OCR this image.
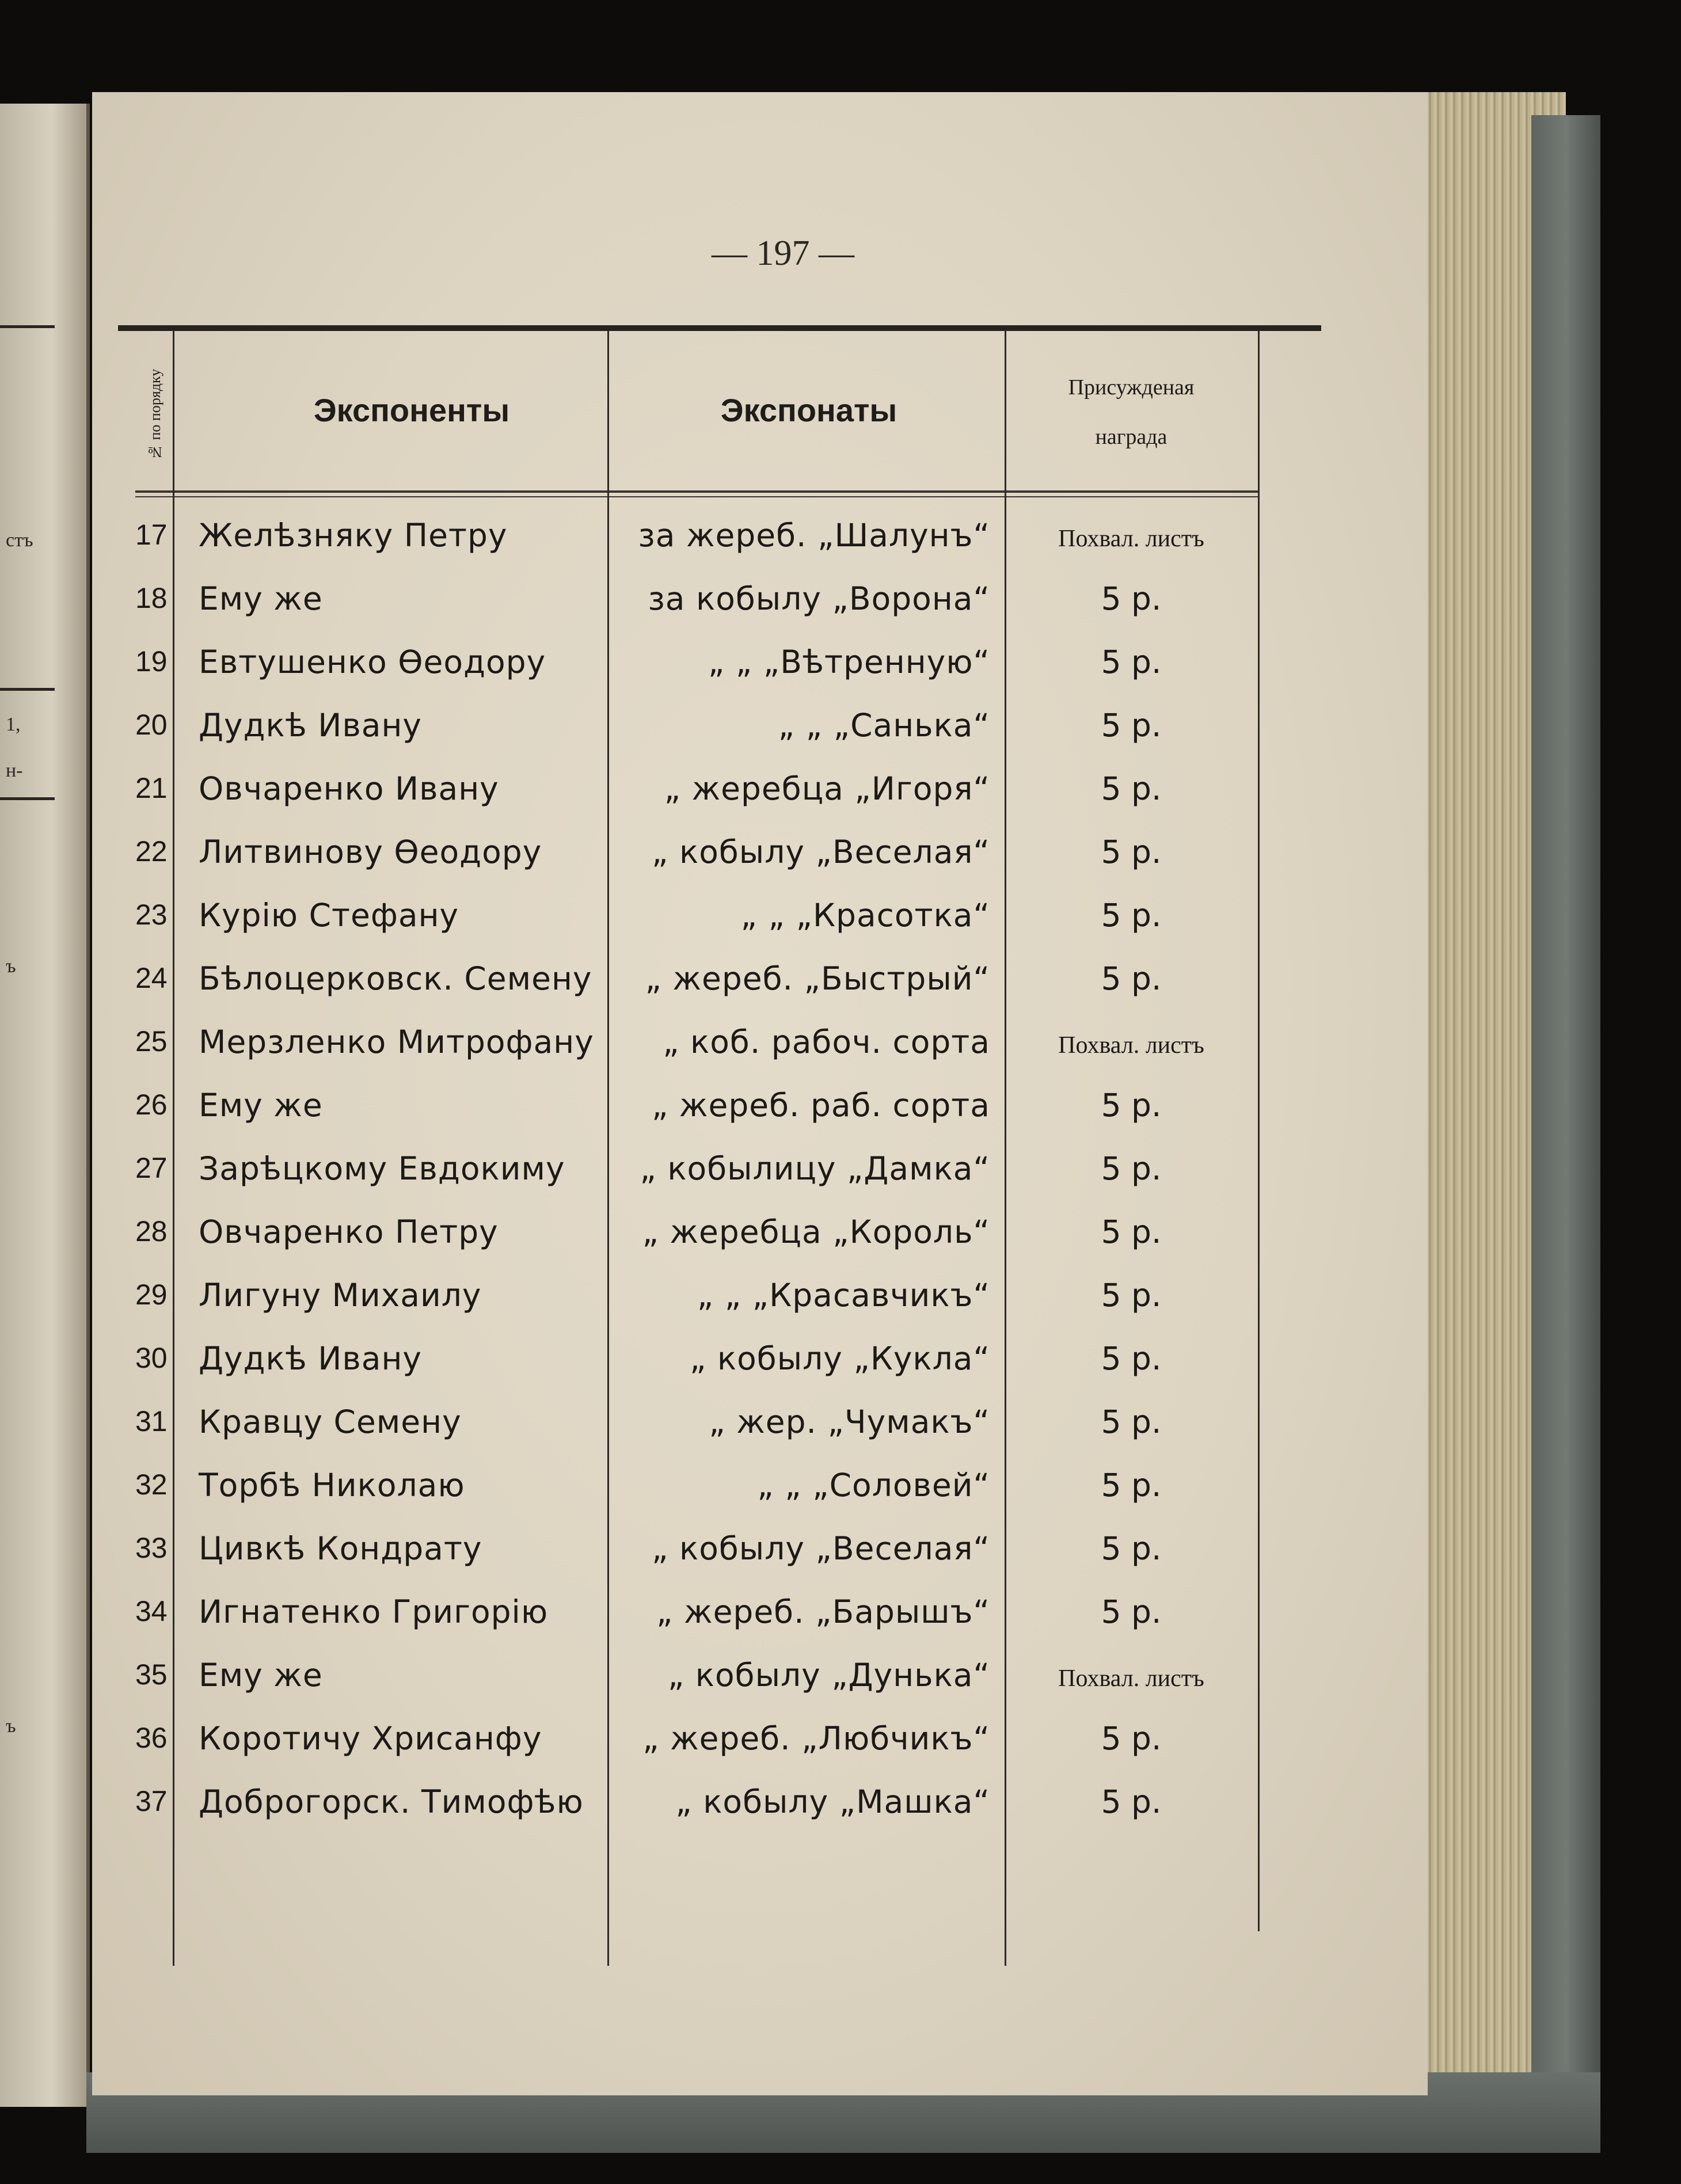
стъ
1,
н-
ъ
ъ
— 197 —
№ по порядку	Экспоненты	Экспонаты
Присужденая
награда
17 Желѣзняку Петру	за жереб. „Шалунъ“	Похвал. листъ
18 Ему же	за кобылу „Ворона“	5 р.
19 Евтушенко Ѳеодору	„ „ „Вѣтренную“	5 р.
20 Дудкѣ Ивану	„ „ „Санька“	5 р.
21 Овчаренко Ивану	„ жеребца „Игоря“	5 р.
22 Литвинову Ѳеодору	„ кобылу „Веселая“	5 р.
23 Курію Стефану	„ „ „Красотка“	5 р.
24 Бѣлоцерковск. Семену	„ жереб. „Быстрый“	5 р.
25 Мерзленко Митрофану	„ коб. рабоч. сорта	Похвал. листъ
26 Ему же	„ жереб. раб. сорта	5 р.
27 Зарѣцкому Евдокиму	„ кобылицу „Дамка“	5 р.
28 Овчаренко Петру	„ жеребца „Король“	5 р.
29 Лигуну Михаилу	„ „ „Красавчикъ“	5 р.
30 Дудкѣ Ивану	„ кобылу „Кукла“	5 р.
31 Кравцу Семену	„ жер. „Чумакъ“	5 р.
32 Торбѣ Николаю	„ „ „Соловей“	5 р.
33 Цивкѣ Кондрату	„ кобылу „Веселая“	5 р.
34 Игнатенко Григорію	„ жереб. „Барышъ“	5 р.
35 Ему же	„ кобылу „Дунька“	Похвал. листъ
36 Коротичу Хрисанфу	„ жереб. „Любчикъ“	5 р.
37 Доброгорск. Тимофѣю	„ кобылу „Машка“	5 р.
